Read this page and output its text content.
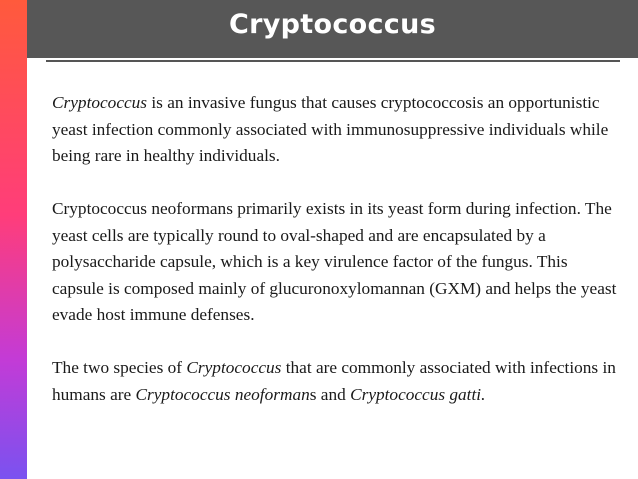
Cryptococcus

Cryptococcus is an invasive fungus that causes cryptococcosis an opportunistic yeast infection commonly associated with immunosuppressive individuals while being rare in healthy individuals.

Cryptococcus neoformans primarily exists in its yeast form during infection. The yeast cells are typically round to oval-shaped and are encapsulated by a polysaccharide capsule, which is a key virulence factor of the fungus. This capsule is composed mainly of glucuronoxylomannan (GXM) and helps the yeast evade host immune defenses.

The two species of Cryptococcus that are commonly associated with infections in humans are Cryptococcus neoformans and Cryptococcus gatti.
